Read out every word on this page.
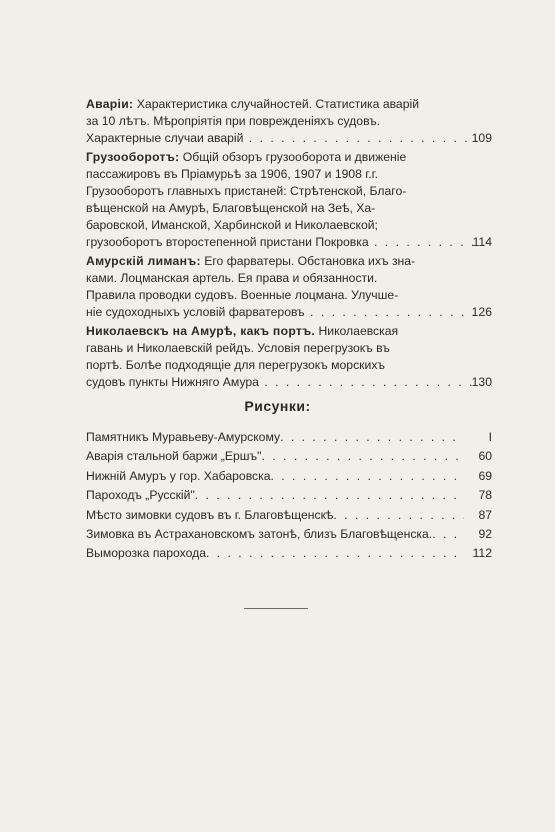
Аварiи: Характеристика случайностей. Статистика аварiй
за 10 лѣтъ. Мѣропрiятiя при поврежденiяхъ судовъ.
Характерные случаи аварiй . . .	109
Грузооборотъ: Общiй обзоръ грузооборота и движенiе
пассажировъ въ Прiамурьѣ за 1906, 1907 и 1908 г.г.
Грузооборотъ главныхъ пристаней: Стрѣтенской, Благо-
вѣщенской на Амурѣ, Благовѣщенской на Зеѣ, Ха-
баровской, Иманской, Харбинской и Николаевской;
грузооборотъ второстепенной пристани Покровка . . .	114
Амурскiй лиманъ: Его фарватеры. Обстановка ихъ зна-
ками. Лоцманская артель. Ея права и обязанности.
Правила проводки судовъ. Военные лоцмана. Улучше-
нiе судоходныхъ условiй фарватеровъ . . .	126
Николаевскъ на Амурѣ, какъ портъ. Николаевская
гавань и Николаевскiй рейдъ. Условiя перегрузокъ въ
портѣ. Болѣе подходящiе для перегрузокъ морскихъ
судовъ пункты Нижняго Амура . . .	130
Рисунки:
Памятникъ Муравьеву-Амурскому . . .	I
Аварiя стальной баржи „Ершъ" . . .	60
Нижнiй Амуръ у гор. Хабаровска . . .	69
Пароходъ „Русскiй" . . .	78
Мѣсто зимовки судовъ въ г. Благовѣщенскѣ . . .	87
Зимовка въ Астрахановскомъ затонѣ, близъ Благовѣщенска. . . .	92
Выморозка парохода . . .	112
